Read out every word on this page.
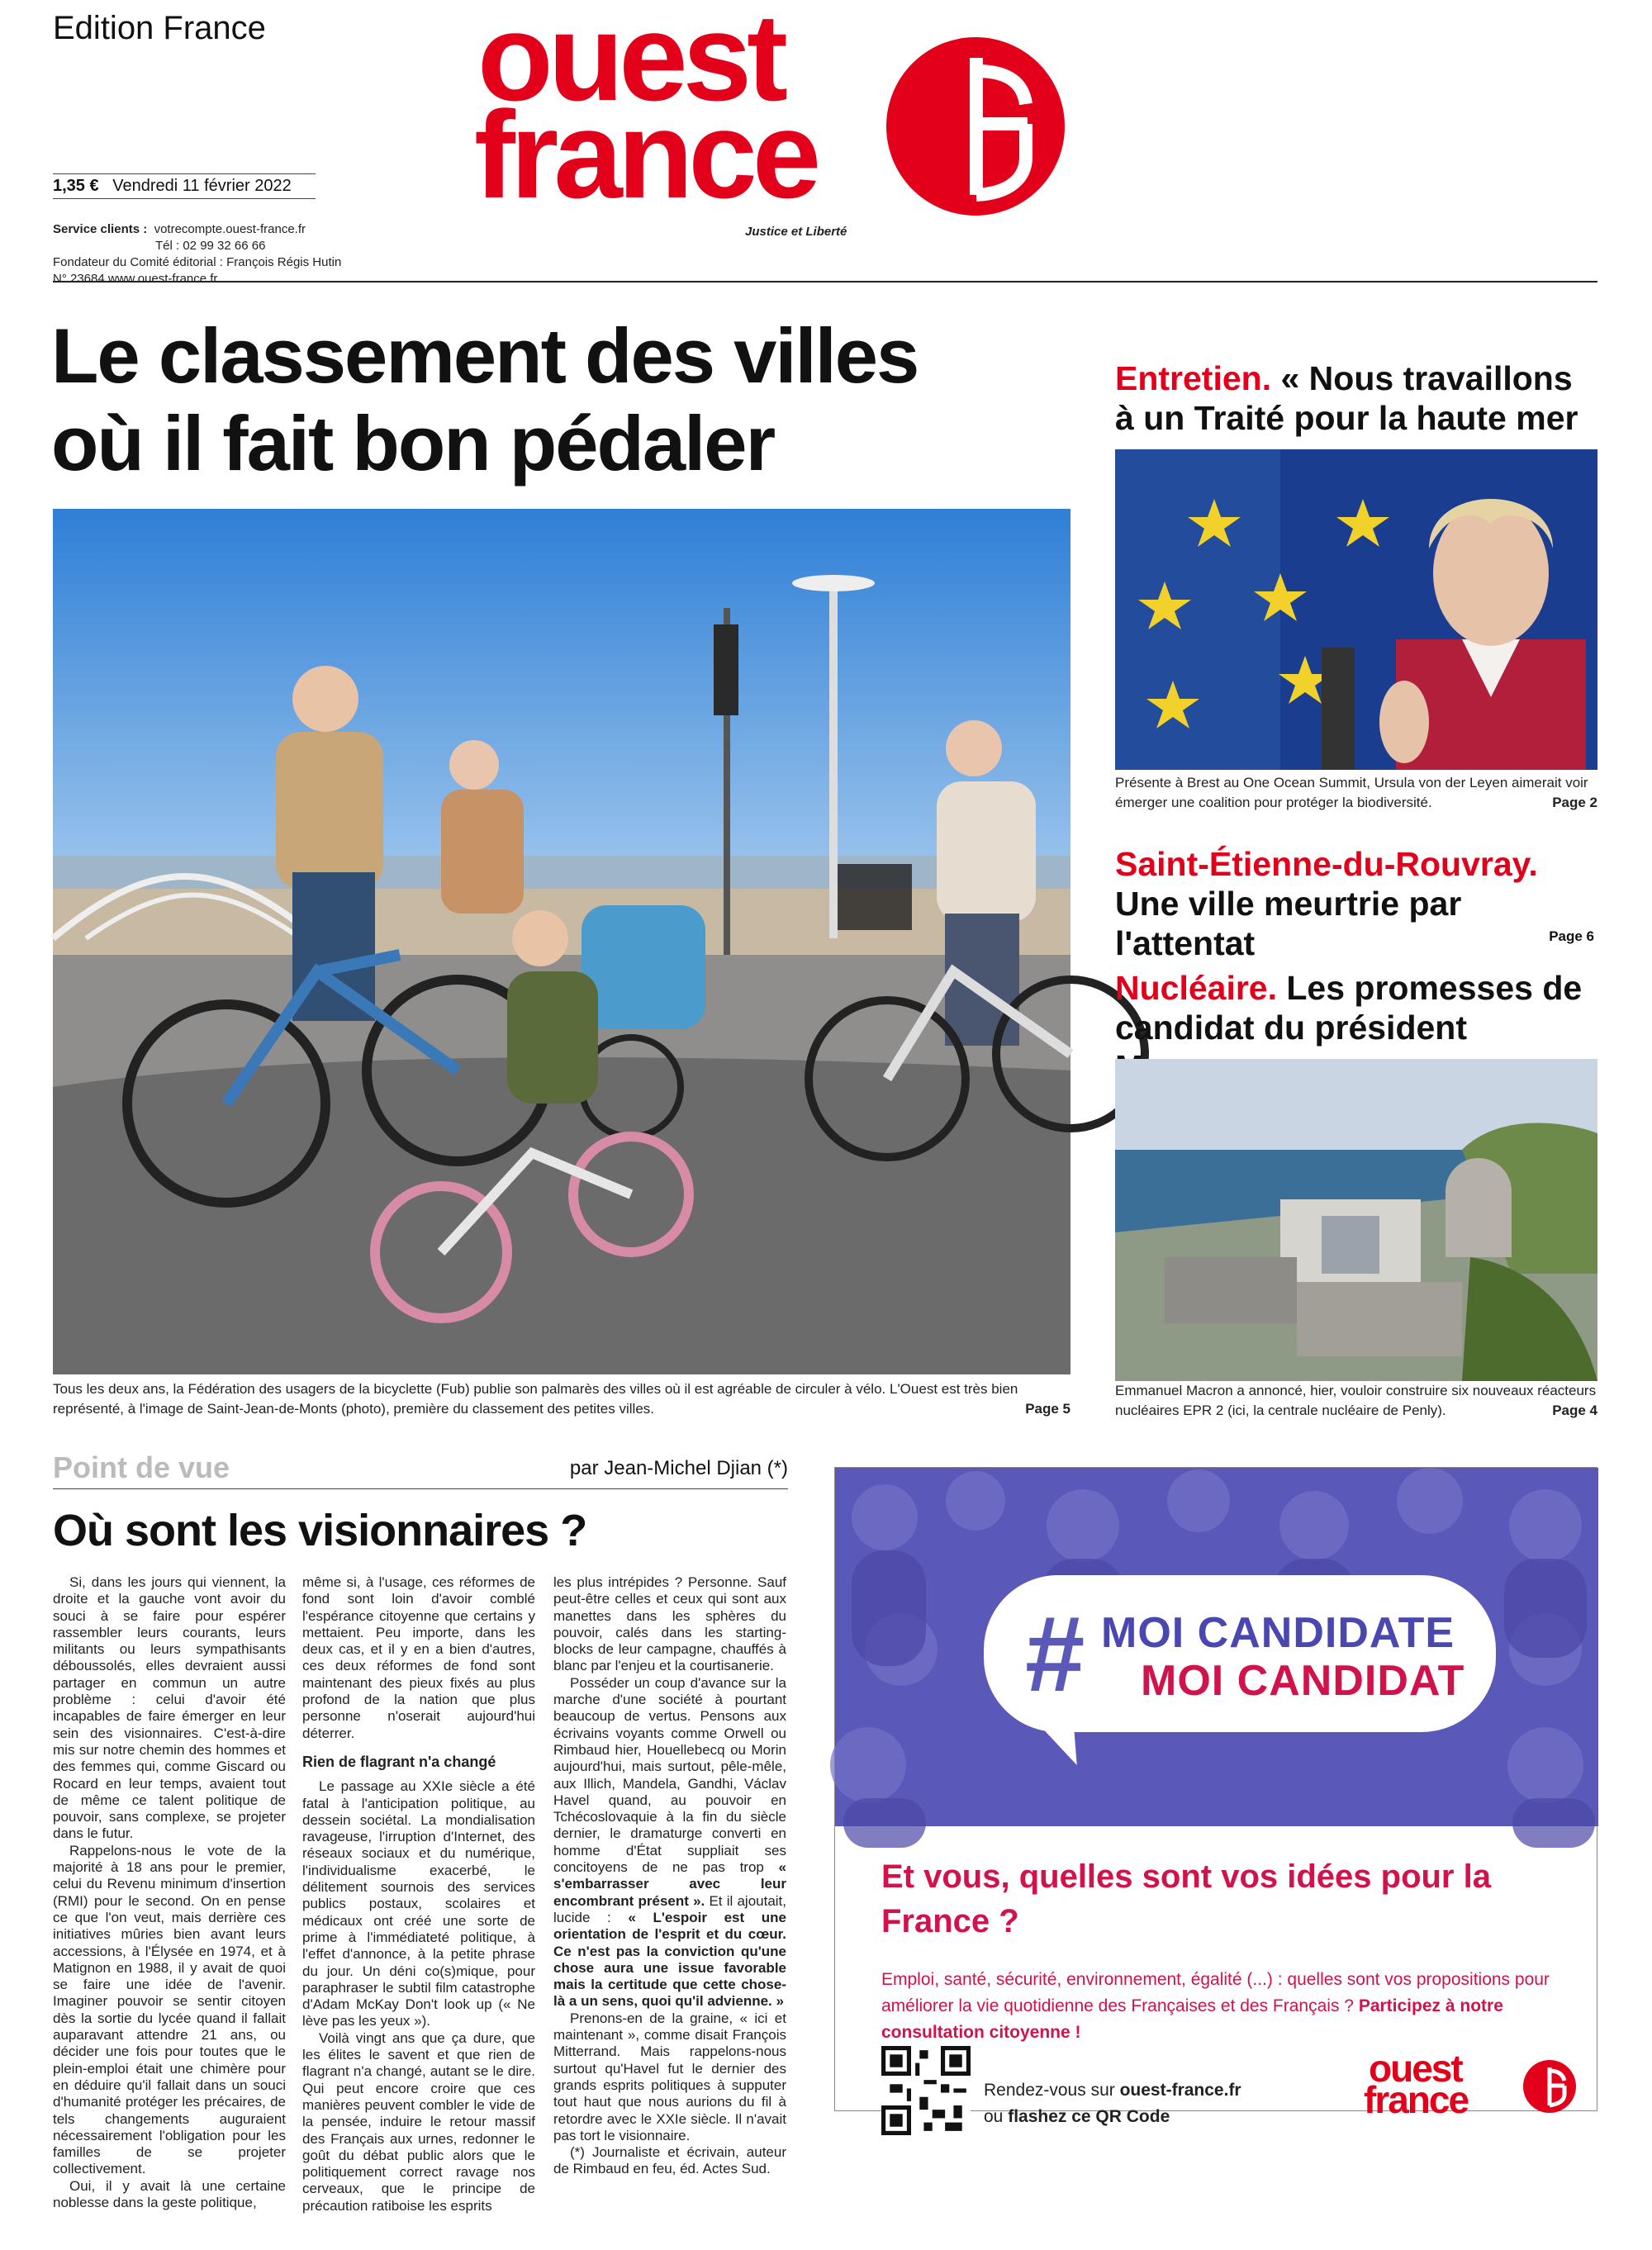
Edition France
1,35 € Vendredi 11 février 2022
Service clients : votrecompte.ouest-france.fr
Tél : 02 99 32 66 66
Fondateur du Comité éditorial : François Régis Hutin
N° 23684 www.ouest-france.fr
ouest
france
Justice et Liberté
Le classement des villes
où il fait bon pédaler
Tous les deux ans, la Fédération des usagers de la bicyclette (Fub) publie son palmarès des villes où il est agréable de circuler à vélo. L'Ouest est très bien représenté, à l'image de Saint-Jean-de-Monts (photo), première du classement des petites villes.	Page 5
Entretien. « Nous travaillons à un Traité pour la haute mer
Présente à Brest au One Ocean Summit, Ursula von der Leyen aimerait voir émerger une coalition pour protéger la biodiversité.	Page 2
Saint-Étienne-du-Rouvray.
Une ville meurtrie par l'attentat	Page 6
Nucléaire. Les promesses de candidat du président
Emmanuel Macron a annoncé, hier, vouloir construire six nouveaux réacteurs nucléaires EPR 2 (ici, la centrale nucléaire de Penly).	Page 4
Point de vue	par Jean-Michel Djian (*)
Où sont les visionnaires ?

Si, dans les jours qui viennent, la droite et la gauche vont avoir du souci à se faire pour espérer rassembler leurs courants, leurs militants ou leurs sympathisants déboussolés, elles devraient aussi partager en commun un autre problème : celui d'avoir été incapables de faire émerger en leur sein des visionnaires. C'est-à-dire mis sur notre chemin des hommes et des femmes qui, comme Giscard ou Rocard en leur temps, avaient tout de même ce talent politique de pouvoir, sans complexe, se projeter dans le futur.

Rappelons-nous le vote de la majorité à 18 ans pour le premier, celui du Revenu minimum d'insertion (RMI) pour le second. On en pense ce que l'on veut, mais derrière ces initiatives mûries bien avant leurs accessions, à l'Élysée en 1974, et à Matignon en 1988, il y avait de quoi se faire une idée de l'avenir. Imaginer pouvoir se sentir citoyen dès la sortie du lycée quand il fallait auparavant attendre 21 ans, ou décider une fois pour toutes que le plein-emploi était une chimère pour en déduire qu'il fallait dans un souci d'humanité protéger les précaires, de tels changements auguraient nécessairement l'obligation pour les familles de se projeter collectivement.

Oui, il y avait là une certaine noblesse dans la geste politique,

même si, à l'usage, ces réformes de fond sont loin d'avoir comblé l'espérance citoyenne que certains y mettaient. Peu importe, dans les deux cas, et il y en a bien d'autres, ces deux réformes de fond sont maintenant des pieux fixés au plus profond de la nation que plus personne n'oserait aujourd'hui déterrer.

Rien de flagrant n'a changé

Le passage au XXIe siècle a été fatal à l'anticipation politique, au dessein sociétal. La mondialisation ravageuse, l'irruption d'Internet, des réseaux sociaux et du numérique, l'individualisme exacerbé, le délitement sournois des services publics postaux, scolaires et médicaux ont créé une sorte de prime à l'immédiateté politique, à l'effet d'annonce, à la petite phrase du jour. Un déni co(s)mique, pour paraphraser le subtil film catastrophe d'Adam McKay Don't look up (« Ne lève pas les yeux »).

Voilà vingt ans que ça dure, que les élites le savent et que rien de flagrant n'a changé, autant se le dire. Qui peut encore croire que ces manières peuvent combler le vide de la pensée, induire le retour massif des Français aux urnes, redonner le goût du débat public alors que le politiquement correct ravage nos cerveaux, que le principe de précaution ratiboise les esprits

les plus intrépides ? Personne. Sauf peut-être celles et ceux qui sont aux manettes dans les sphères du pouvoir, calés dans les starting-blocks de leur campagne, chauffés à blanc par l'enjeu et la courtisanerie.

Posséder un coup d'avance sur la marche d'une société à pourtant beaucoup de vertus. Pensons aux écrivains voyants comme Orwell ou Rimbaud hier, Houellebecq ou Morin aujourd'hui, mais surtout, pêle-mêle, aux Illich, Mandela, Gandhi, Václav Havel quand, au pouvoir en Tchécoslovaquie à la fin du siècle dernier, le dramaturge converti en homme d'État suppliait ses concitoyens de ne pas trop « s'embarrasser avec leur encombrant présent ». Et il ajoutait, lucide : « L'espoir est une orientation de l'esprit et du cœur. Ce n'est pas la conviction qu'une chose aura une issue favorable mais la certitude que cette chose-là a un sens, quoi qu'il advienne. »

Prenons-en de la graine, « ici et maintenant », comme disait François Mitterrand. Mais rappelons-nous surtout qu'Havel fut le dernier des grands esprits politiques à supputer tout haut que nous aurions du fil à retordre avec le XXIe siècle. Il n'avait pas tort le visionnaire.

(*) Journaliste et écrivain, auteur de Rimbaud en feu, éd. Actes Sud.

# MOI CANDIDATE
MOI CANDIDAT
Et vous, quelles sont vos idées pour la France ?
Emploi, santé, sécurité, environnement, égalité (...) : quelles sont vos propositions pour améliorer la vie quotidienne des Françaises et des Français ? Participez à notre consultation citoyenne !
Rendez-vous sur ouest-france.fr
ou flashez ce QR Code
ouest
france
